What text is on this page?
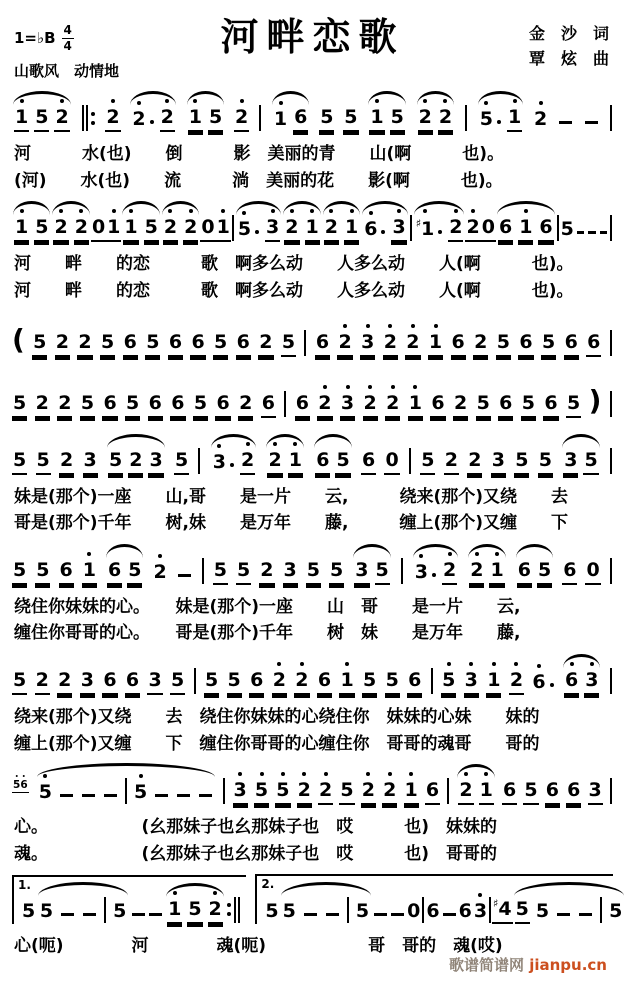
河畔恋歌
1=♭B $\frac{4}{4}$
山歌风　动情地
金　沙　词
覃　炫　曲
1 5 2 2 2 2 1 5 2 1 6 5 5 1 5 2 2 5 1 2
河　　　水(也)　　倒　　　影　美丽的青　　山(啊　　　也)。
(河)　　水(也)　　流　　　淌　美丽的花　　影(啊　　　也)。
1 5 2 2 0 1 1 5 2 2 0 1 5 3 2 1 2 1 6 3 ♯1 2 2 0 6 1 6 5
河　　畔　　的恋　　　歌　啊多么动　　人多么动　　人(啊　　　也)。
河　　畔　　的恋　　　歌　啊多么动　　人多么动　　人(啊　　　也)。
( 5 2 2 5 6 5 6 6 5 6 2 5 6 2 3 2 2 1 6 2 5 6 5 6 6
5 2 2 5 6 5 6 6 5 6 2 6 6 2 3 2 2 1 6 2 5 6 5 6 5 )
5 5 2 3 5 2 3 5 3 2 2 1 6 5 6 0 5 2 2 3 5 5 3 5
妹是(那个)一座　　山,哥　　是一片　　云,　　　绕来(那个)又绕　　去
哥是(那个)千年　　树,妹　　是万年　　藤,　　　缠上(那个)又缠　　下
5 5 6 1 6 5 2 5 5 2 3 5 5 3 5 3 2 2 1 6 5 6 0
绕住你妹妹的心。　　妹是(那个)一座　　山　哥　　是一片　　云,
缠住你哥哥的心。　　哥是(那个)千年　　树　妹　　是万年　　藤,
5 2 2 3 6 6 3 5 5 5 6 2 2 6 1 5 5 6 5 3 1 2 6 6 3
绕来(那个)又绕　　去　绕住你妹妹的心绕住你　妹妹的心妹　　妹的
缠上(那个)又缠　　下　缠住你哥哥的心缠住你　哥哥的魂哥　　哥的
5 6 5	5	3 5 5 2 2 5 2 2 1 6 2 1 6 5 6 6 3
心。　　　　　　(幺那妹子也幺那妹子也　哎　　　也)　妹妹的
魂。　　　　　　(幺那妹子也幺那妹子也　哎　　　也)　哥哥的
1.
5 5	5 1 5 2
2.
5 5	5 0 6 6 3 ♯4 5 5	5
心(呃)　　　　河　　　　魂(呃)　　　　　　哥　哥的　魂(哎)
歌谱简谱网 jianpu.cn
